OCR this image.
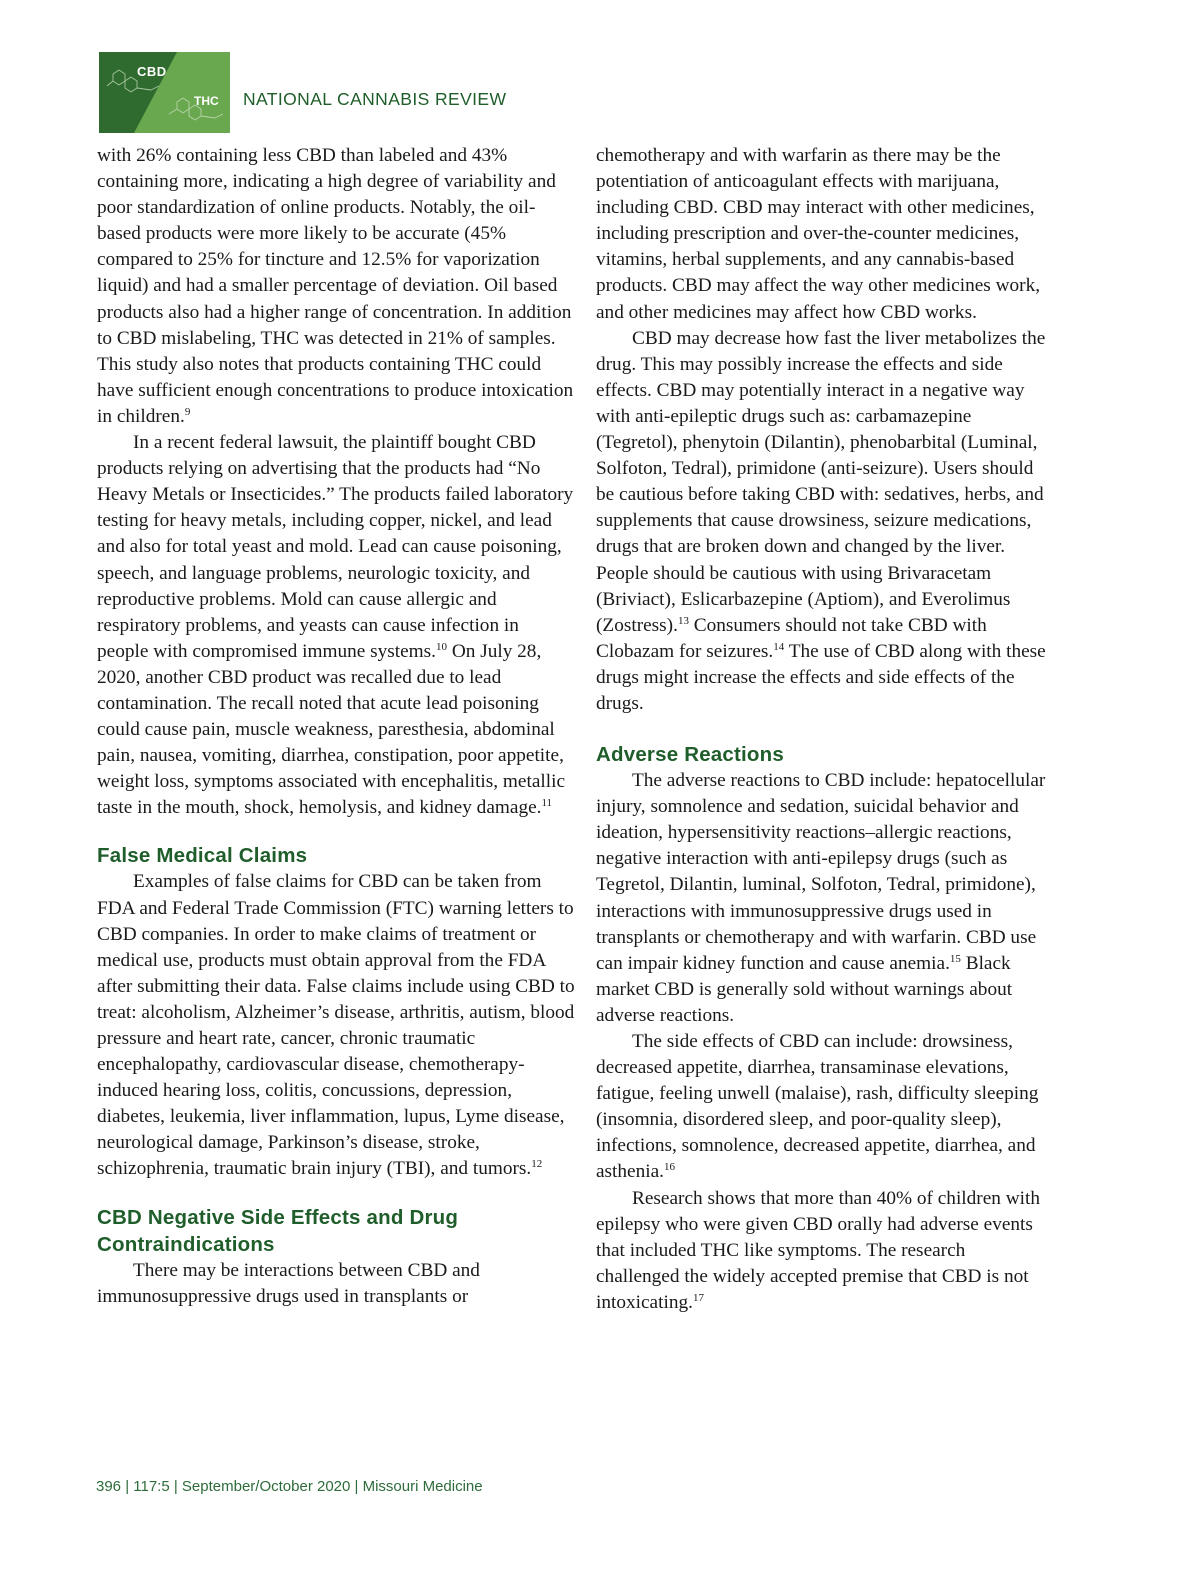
CBD
THC NATIONAL CANNABIS REVIEW

with 26% containing less CBD than labeled and 43% containing more, indicating a high degree of variability and poor standardization of online products. Notably, the oil-based products were more likely to be accurate (45% compared to 25% for tincture and 12.5% for vaporization liquid) and had a smaller percentage of deviation. Oil based products also had a higher range of concentration. In addition to CBD mislabeling, THC was detected in 21% of samples. This study also notes that products containing THC could have sufficient enough concentrations to produce intoxication in children.$^9$

In a recent federal lawsuit, the plaintiff bought CBD products relying on advertising that the products had “No Heavy Metals or Insecticides.” The products failed laboratory testing for heavy metals, including copper, nickel, and lead and also for total yeast and mold. Lead can cause poisoning, speech, and language problems, neurologic toxicity, and reproductive problems. Mold can cause allergic and respiratory problems, and yeasts can cause infection in people with compromised immune systems.$^{10}$ On July 28, 2020, another CBD product was recalled due to lead contamination. The recall noted that acute lead poisoning could cause pain, muscle weakness, paresthesia, abdominal pain, nausea, vomiting, diarrhea, constipation, poor appetite, weight loss, symptoms associated with encephalitis, metallic taste in the mouth, shock, hemolysis, and kidney damage.$^{11}$

False Medical Claims

Examples of false claims for CBD can be taken from FDA and Federal Trade Commission (FTC) warning letters to CBD companies. In order to make claims of treatment or medical use, products must obtain approval from the FDA after submitting their data. False claims include using CBD to treat: alcoholism, Alzheimer’s disease, arthritis, autism, blood pressure and heart rate, cancer, chronic traumatic encephalopathy, cardiovascular disease, chemotherapy-induced hearing loss, colitis, concussions, depression, diabetes, leukemia, liver inflammation, lupus, Lyme disease, neurological damage, Parkinson’s disease, stroke, schizophrenia, traumatic brain injury (TBI), and tumors.$^{12}$

CBD Negative Side Effects and Drug Contraindications

There may be interactions between CBD and immunosuppressive drugs used in transplants or

chemotherapy and with warfarin as there may be the potentiation of anticoagulant effects with marijuana, including CBD. CBD may interact with other medicines, including prescription and over-the-counter medicines, vitamins, herbal supplements, and any cannabis-based products. CBD may affect the way other medicines work, and other medicines may affect how CBD works.

CBD may decrease how fast the liver metabolizes the drug. This may possibly increase the effects and side effects. CBD may potentially interact in a negative way with anti-epileptic drugs such as: carbamazepine (Tegretol), phenytoin (Dilantin), phenobarbital (Luminal, Solfoton, Tedral), primidone (anti-seizure). Users should be cautious before taking CBD with: sedatives, herbs, and supplements that cause drowsiness, seizure medications, drugs that are broken down and changed by the liver. People should be cautious with using Brivaracetam (Briviact), Eslicarbazepine (Aptiom), and Everolimus (Zostress).$^{13}$ Consumers should not take CBD with Clobazam for seizures.$^{14}$ The use of CBD along with these drugs might increase the effects and side effects of the drugs.

Adverse Reactions

The adverse reactions to CBD include: hepatocellular injury, somnolence and sedation, suicidal behavior and ideation, hypersensitivity reactions–allergic reactions, negative interaction with anti-epilepsy drugs (such as Tegretol, Dilantin, luminal, Solfoton, Tedral, primidone), interactions with immunosuppressive drugs used in transplants or chemotherapy and with warfarin. CBD use can impair kidney function and cause anemia.$^{15}$ Black market CBD is generally sold without warnings about adverse reactions.

The side effects of CBD can include: drowsiness, decreased appetite, diarrhea, transaminase elevations, fatigue, feeling unwell (malaise), rash, difficulty sleeping (insomnia, disordered sleep, and poor-quality sleep), infections, somnolence, decreased appetite, diarrhea, and asthenia.$^{16}$

Research shows that more than 40% of children with epilepsy who were given CBD orally had adverse events that included THC like symptoms. The research challenged the widely accepted premise that CBD is not intoxicating.$^{17}$

396 | 117:5 | September/October 2020 | Missouri Medicine
